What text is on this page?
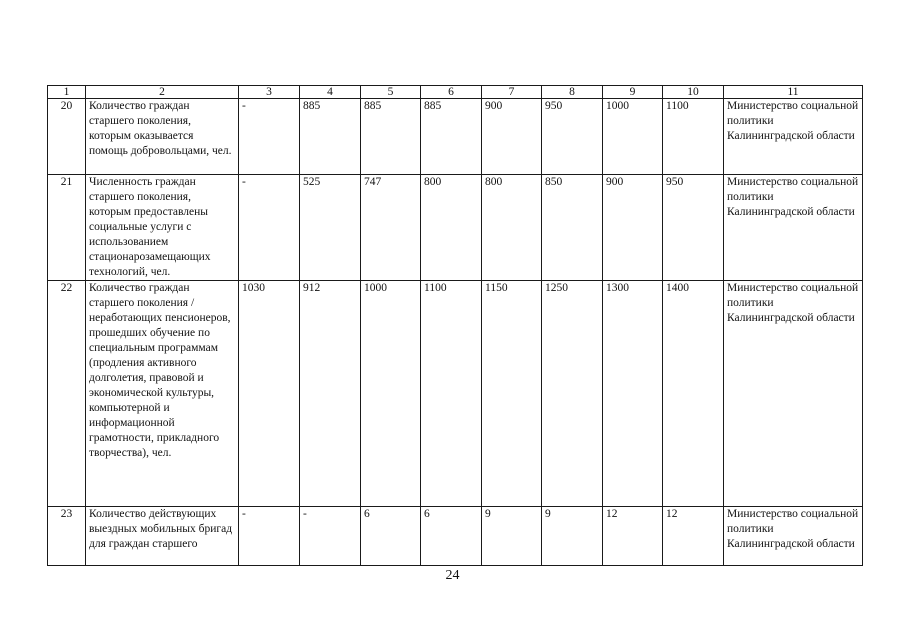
1	2	3	4	5	6	7	8	9	10	11
20	Количество граждан старшего поколения, которым оказывается помощь добровольцами, чел.	-	885	885	885	900	950	1000	1100	Министерство социальной политики Калининградской области
21	Численность граждан старшего поколения, которым предоставлены социальные услуги с использованием стационарозамещающих технологий, чел.	-	525	747	800	800	850	900	950	Министерство социальной политики Калининградской области
22	Количество граждан старшего поколения / неработающих пенсионеров, прошедших обучение по специальным программам (продления активного долголетия, правовой и экономической культуры, компьютерной и информационной грамотности, прикладного творчества), чел.	1030	912	1000	1100	1150	1250	1300	1400	Министерство социальной политики Калининградской области
23	Количество действующих выездных мобильных бригад для граждан старшего	-	-	6	6	9	9	12	12	Министерство социальной политики Калининградской области
24
